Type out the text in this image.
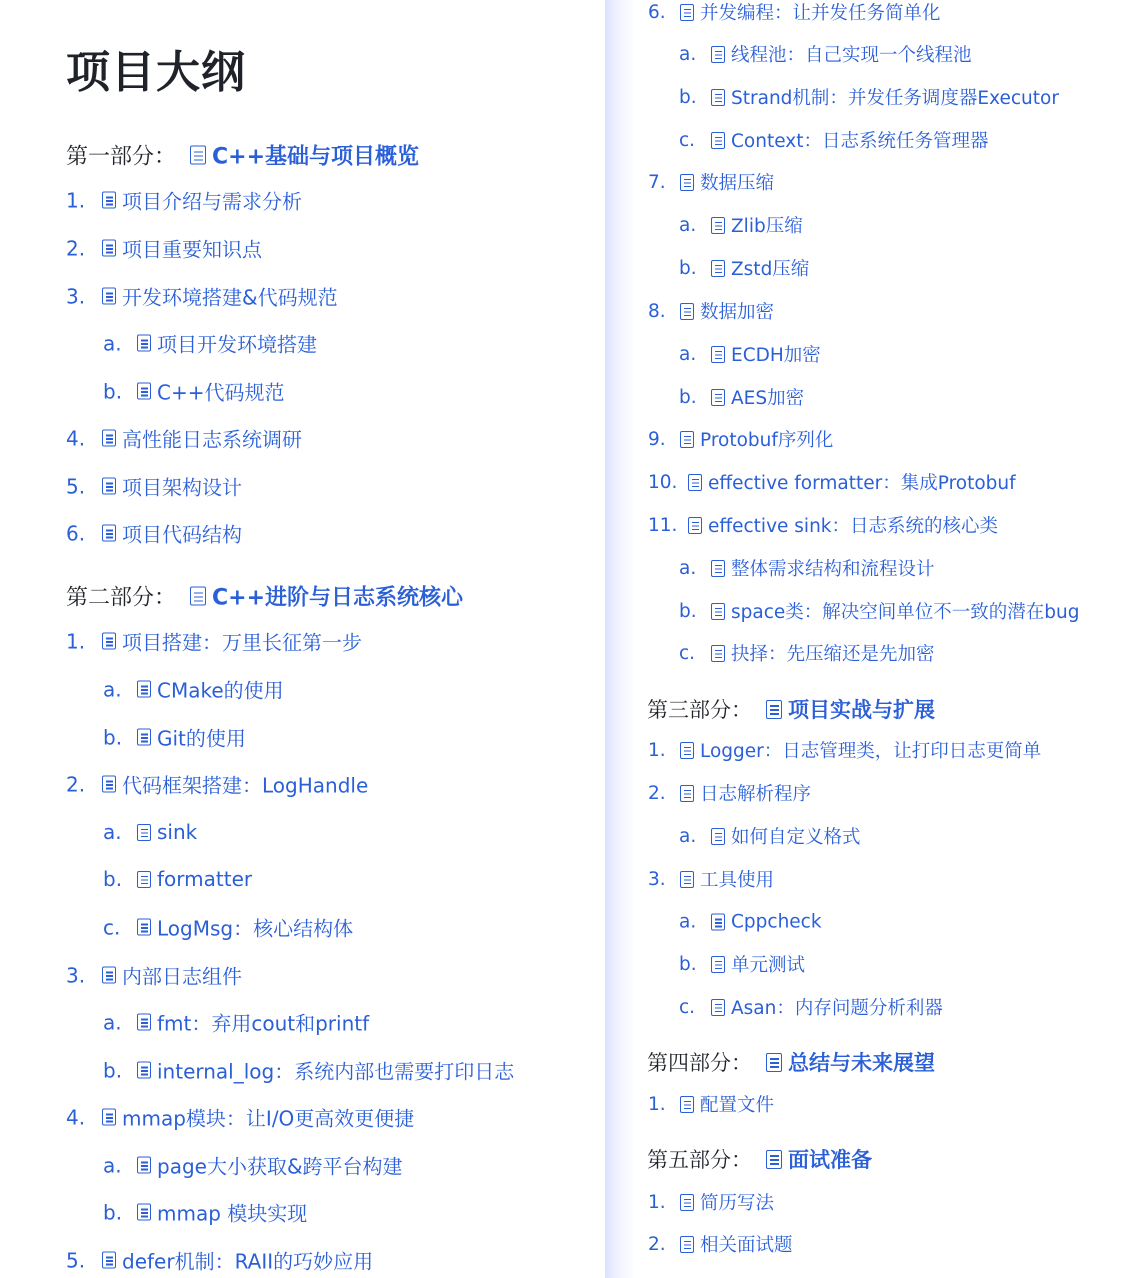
项目大纲
第一部分： C++基础与项目概览
1.	项目介绍与需求分析
2.	项目重要知识点
3.	开发环境搭建&代码规范
a.	项目开发环境搭建
b.	C++代码规范
4.	高性能日志系统调研
5.	项目架构设计
6.	项目代码结构
第二部分： C++进阶与日志系统核心
1.	项目搭建：万里长征第一步
a.	CMake的使用
b.	Git的使用
2.	代码框架搭建：LogHandle
a.	sink
b.	formatter
c.	LogMsg：核心结构体
3.	内部日志组件
a.	fmt：弃用cout和printf
b.	internal_log：系统内部也需要打印日志
4.	mmap模块：让I/O更高效更便捷
a.	page大小获取&跨平台构建
b.	mmap 模块实现
5.	defer机制：RAII的巧妙应用
6.	并发编程：让并发任务简单化
a.	线程池：自己实现一个线程池
b.	Strand机制：并发任务调度器Executor
c.	Context：日志系统任务管理器
7.	数据压缩
a.	Zlib压缩
b.	Zstd压缩
8.	数据加密
a.	ECDH加密
b.	AES加密
9.	Protobuf序列化
10.	effective formatter：集成Protobuf
11.	effective sink：日志系统的核心类
a.	整体需求结构和流程设计
b.	space类：解决空间单位不一致的潜在bug
c.	抉择：先压缩还是先加密
第三部分： 项目实战与扩展
1.	Logger：日志管理类，让打印日志更简单
2.	日志解析程序
a.	如何自定义格式
3.	工具使用
a.	Cppcheck
b.	单元测试
c.	Asan：内存问题分析利器
第四部分： 总结与未来展望
1.	配置文件
第五部分： 面试准备
1.	简历写法
2.	相关面试题
